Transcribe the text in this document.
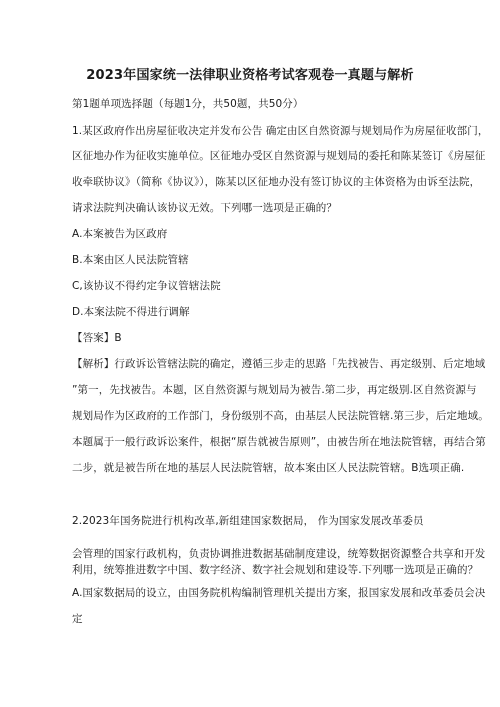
2023年国家统一法律职业资格考试客观卷一真题与解析
第1题单项选择题（每题1分，共50题，共50分）
1.某区政府作出房屋征收决定并发布公告 确定由区自然资源与规划局作为房屋征收部门，
区征地办作为征收实施单位。区征地办受区自然资源与规划局的委托和陈某签订《房屋征
收牵联协议》（简称《协议》），陈某以区征地办没有签订协议的主体资格为由诉至法院，
请求法院判决确认该协议无效。下列哪一选项是正确的？
A.本案被告为区政府
B.本案由区人民法院管辖
C,该协议不得约定争议管辖法院
D.本案法院不得进行调解
【答案】B
【解析】行政诉讼管辖法院的确定，遵循三步走的思路「先找被告、再定级别、后定地域
”第一，先找被告。本题，区自然资源与规划局为被告.第二步，再定级别.区自然资源与
规划局作为区政府的工作部门，身份级别不高，由基层人民法院管辖.第三步，后定地域。
本题属于一般行政诉讼案件，根据“原告就被告原则”，由被告所在地法院管辖，再结合第
二步，就是被告所在地的基层人民法院管辖，故本案由区人民法院管辖。B选项正确.
2.2023年国务院进行机构改革,新组建国家数据局， 作为国家发展改革委员
会管理的国家行政机构，负责协调推进数据基础制度建设，统筹数据资源整合共享和开发
利用，统筹推进数字中国、数字经济、数字社会规划和建设等.下列哪一选项是正确的？
A.国家数据局的设立，由国务院机构编制管理机关提出方案，报国家发展和改革委员会决
定
